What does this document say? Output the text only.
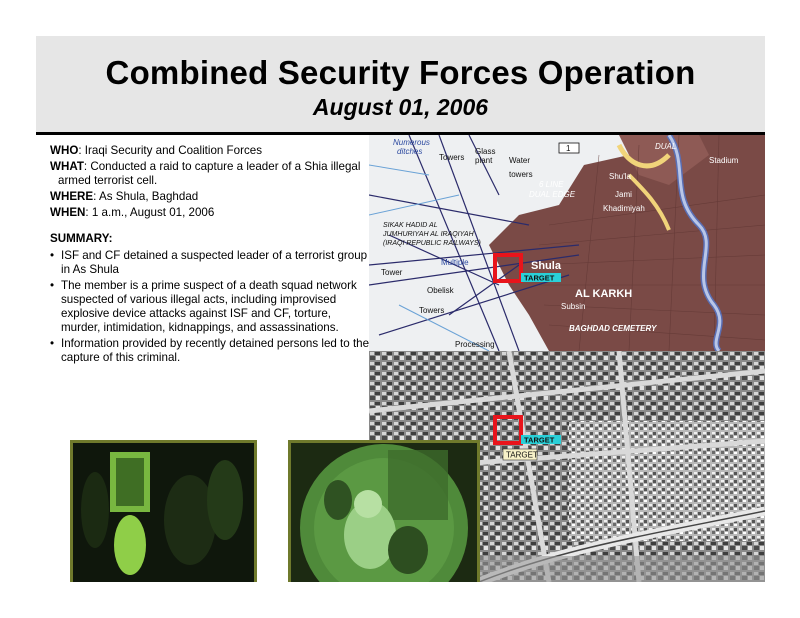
Combined Security Forces Operation
August 01, 2006

WHO: Iraqi Security and Coalition Forces

WHAT: Conducted a raid to capture a leader of a Shia illegal armed terrorist cell.

WHERE: As Shula, Baghdad

WHEN: 1 a.m., August 01, 2006

SUMMARY:

• ISF and CF detained a suspected leader of a terrorist group in As Shula
• The member is a prime suspect of a death squad network suspected of various illegal acts, including improvised explosive device attacks against ISF and CF, torture, murder, intimidation, kidnappings, and assassinations.
• Information provided by recently detained persons led to the capture of this criminal.
Numerous
ditches
Towers
Glass
plant Water
towers
1
6 LINE
DUAL EDGE
SIKAK HADID AL
JUMHURIYAH AL IRAQIYAH
(IRAQI REPUBLIC RAILWAYS)
Multiple
Tower
Obelisk
Towers
Processing
Shula
AL KARKH
Subsin
BAGHDAD CEMETERY
Stadium
Shu'la
Jami
Khadimiyah
DUAL
TARGET
TARGET
TARGET
